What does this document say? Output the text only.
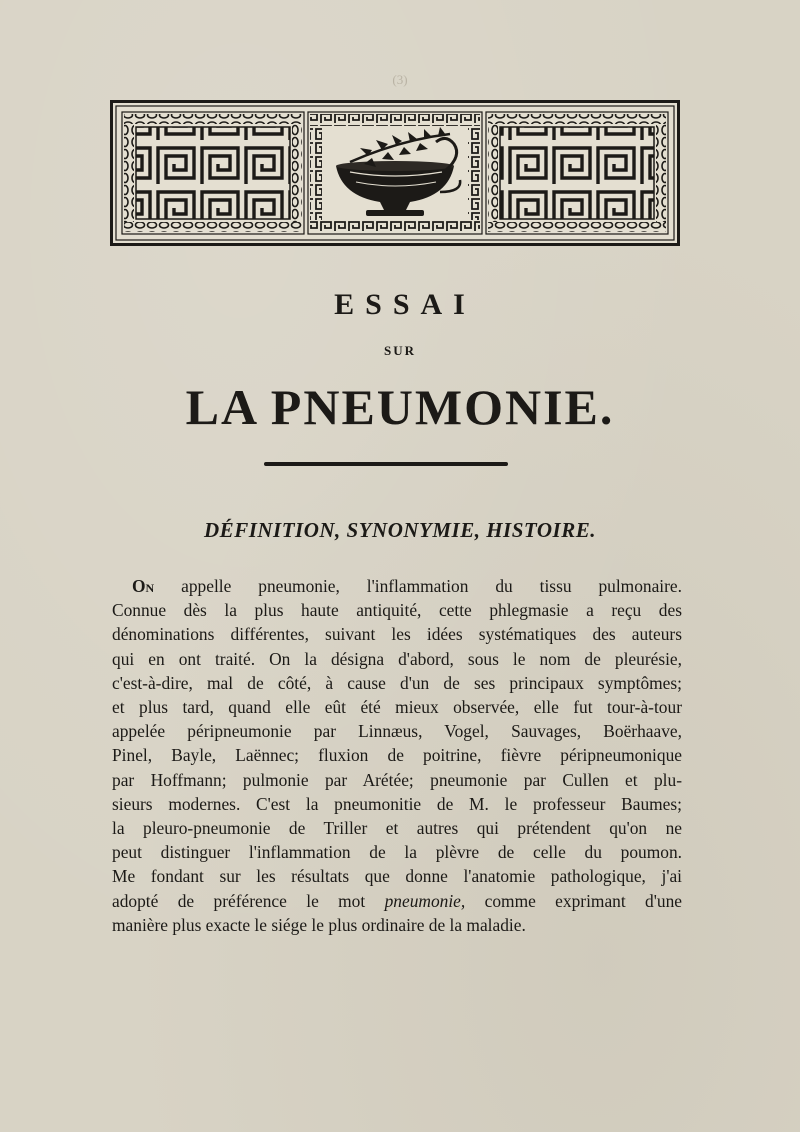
(3)
ESSAI
SUR
LA PNEUMONIE.
DÉFINITION, SYNONYMIE, HISTOIRE.
On appelle pneumonie, l'inflammation du tissu pulmonaire.
Connue dès la plus haute antiquité, cette phlegmasie a reçu des
dénominations différentes, suivant les idées systématiques des auteurs
qui en ont traité. On la désigna d'abord, sous le nom de pleurésie,
c'est-à-dire, mal de côté, à cause d'un de ses principaux symptômes;
et plus tard, quand elle eût été mieux observée, elle fut tour-à-tour
appelée péripneumonie par Linnæus, Vogel, Sauvages, Boërhaave,
Pinel, Bayle, Laënnec; fluxion de poitrine, fièvre péripneumonique
par Hoffmann; pulmonie par Arétée; pneumonie par Cullen et plu-
sieurs modernes. C'est la pneumonitie de M. le professeur Baumes;
la pleuro-pneumonie de Triller et autres qui prétendent qu'on ne
peut distinguer l'inflammation de la plèvre de celle du poumon.
Me fondant sur les résultats que donne l'anatomie pathologique, j'ai
adopté de préférence le mot pneumonie, comme exprimant d'une
manière plus exacte le siége le plus ordinaire de la maladie.
